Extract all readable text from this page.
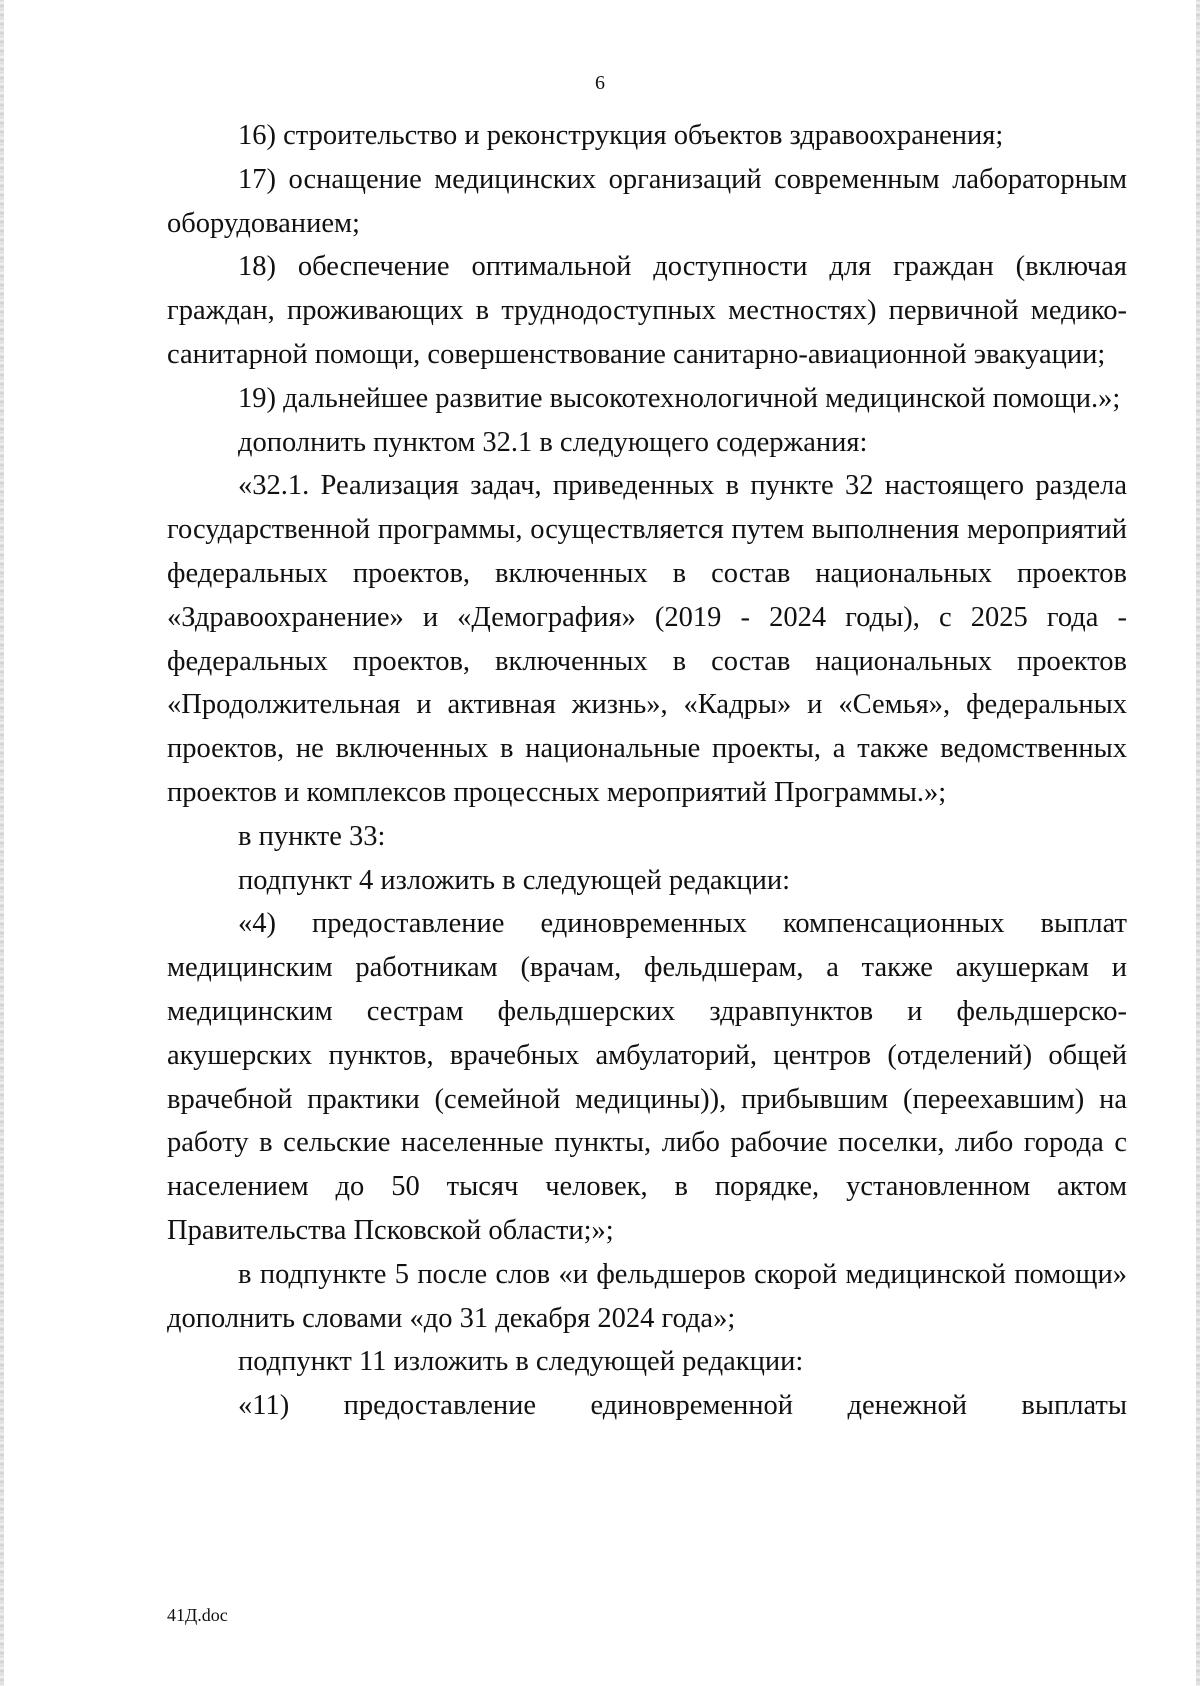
6

16) строительство и реконструкция объектов здравоохранения;

17) оснащение медицинских организаций современным лабораторным оборудованием;

18) обеспечение оптимальной доступности для граждан (включая граждан, проживающих в труднодоступных местностях) первичной медико-санитарной помощи, совершенствование санитарно-авиационной эвакуации;

19) дальнейшее развитие высокотехнологичной медицинской помощи.»;

дополнить пунктом 32.1 в следующего содержания:

«32.1. Реализация задач, приведенных в пункте 32 настоящего раздела государственной программы, осуществляется путем выполнения мероприятий федеральных проектов, включенных в состав национальных проектов «Здравоохранение» и «Демография» (2019 - 2024 годы), с 2025 года - федеральных проектов, включенных в состав национальных проектов «Продолжительная и активная жизнь», «Кадры» и «Семья», федеральных проектов, не включенных в национальные проекты, а также ведомственных проектов и комплексов процессных мероприятий Программы.»;

в пункте 33:

подпункт 4 изложить в следующей редакции:

«4) предоставление единовременных компенсационных выплат медицинским работникам (врачам, фельдшерам, а также акушеркам и медицинским сестрам фельдшерских здравпунктов и фельдшерско-акушерских пунктов, врачебных амбулаторий, центров (отделений) общей врачебной практики (семейной медицины)), прибывшим (переехавшим) на работу в сельские населенные пункты, либо рабочие поселки, либо города с населением до 50 тысяч человек, в порядке, установленном актом Правительства Псковской области;»;

в подпункте 5 после слов «и фельдшеров скорой медицинской помощи» дополнить словами «до 31 декабря 2024 года»;

подпункт 11 изложить в следующей редакции:

«11) предоставление единовременной денежной выплаты

41Д.doc
